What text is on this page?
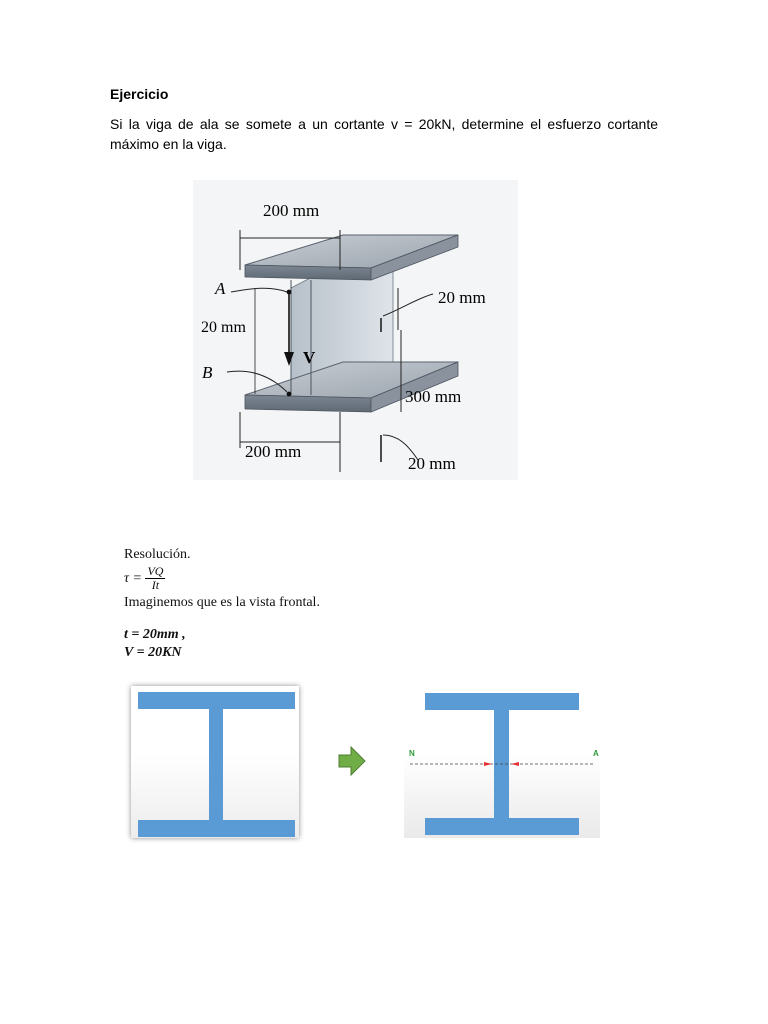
Ejercicio
Si la viga de ala se somete a un cortante v = 20kN, determine el esfuerzo cortante máximo en la viga.
200 mm
20 mm
A
20 mm
V
B
300 mm
200 mm
20 mm
Resolución.
$\tau = \frac{VQ}{It}$
Imaginemos que es la vista frontal.
t = 20mm ,
V = 20KN
N	A
